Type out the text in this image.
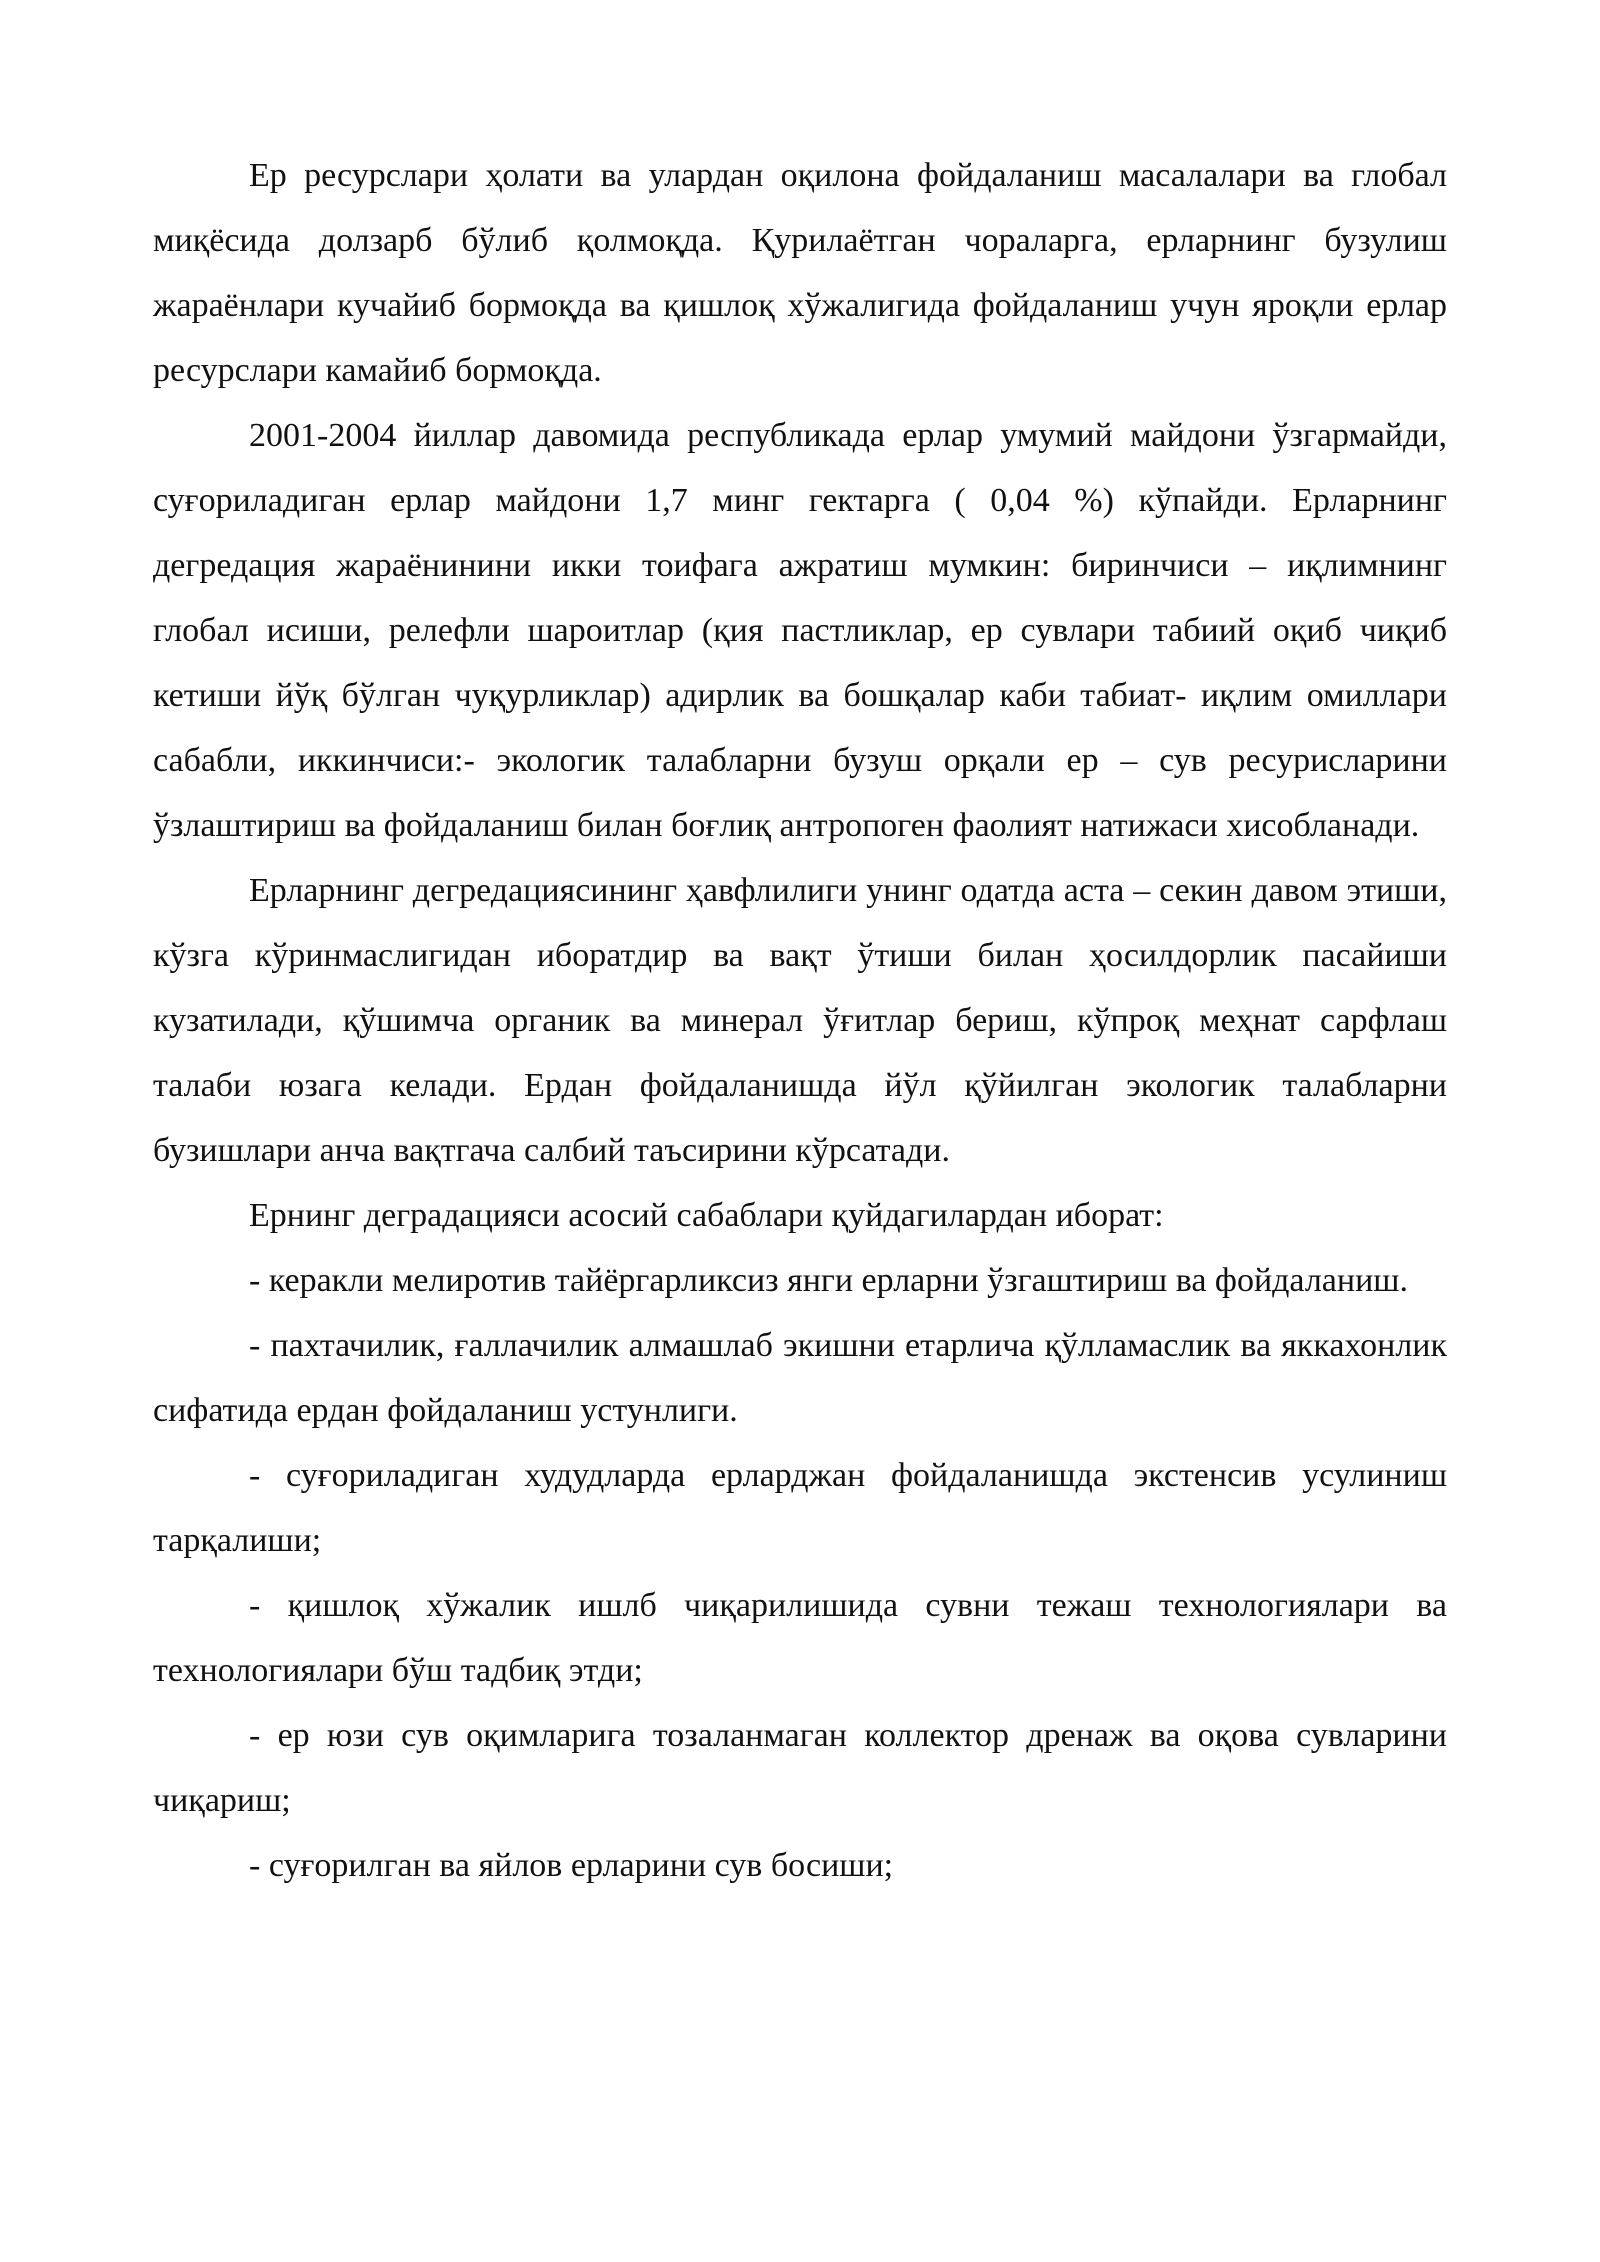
Ер ресурслари ҳолати ва улардан оқилона фойдаланиш масалалари ва глобал миқёсида долзарб бўлиб қолмоқда. Қурилаётган чораларга, ерларнинг бузулиш жараёнлари кучайиб бормоқда ва қишлоқ хўжалигида фойдаланиш учун яроқли ерлар ресурслари камайиб бормоқда.

2001-2004 йиллар давомида республикада ерлар умумий майдони ўзгармайди, суғориладиган ерлар майдони 1,7 минг гектарга ( 0,04 %) кўпайди. Ерларнинг дегредация жараёнинини икки тоифага ажратиш мумкин: биринчиси – иқлимнинг глобал исиши, релефли шароитлар (қия пастликлар, ер сувлари табиий оқиб чиқиб кетиши йўқ бўлган чуқурликлар) адирлик ва бошқалар каби табиат- иқлим омиллари сабабли, иккинчиси:- экологик талабларни бузуш орқали ер – сув ресурисларини ўзлаштириш ва фойдаланиш билан боғлиқ антропоген фаолият натижаси хисобланади.

Ерларнинг дегредациясининг ҳавфлилиги унинг одатда аста – секин давом этиши, кўзга кўринмаслигидан иборатдир ва вақт ўтиши билан ҳосилдорлик пасайиши кузатилади, қўшимча органик ва минерал ўғитлар бериш, кўпроқ меҳнат сарфлаш талаби юзага келади. Ердан фойдаланишда йўл қўйилган экологик талабларни бузишлари анча вақтгача салбий таъсирини кўрсатади.

Ернинг деградацияси асосий сабаблари қуйдагилардан иборат:

- керакли мелиротив тайёргарликсиз янги ерларни ўзгаштириш ва фойдаланиш.

- пахтачилик, ғаллачилик алмашлаб экишни етарлича қўлламаслик ва яккахонлик сифатида ердан фойдаланиш устунлиги.

- суғориладиган худудларда ерларджан фойдаланишда экстенсив усулиниш тарқалиши;

- қишлоқ хўжалик ишлб чиқарилишида сувни тежаш технологиялари ва технологиялари бўш тадбиқ этди;

- ер юзи сув оқимларига тозаланмаган коллектор дренаж ва оқова сувларини чиқариш;

- суғорилган ва яйлов ерларини сув босиши;
